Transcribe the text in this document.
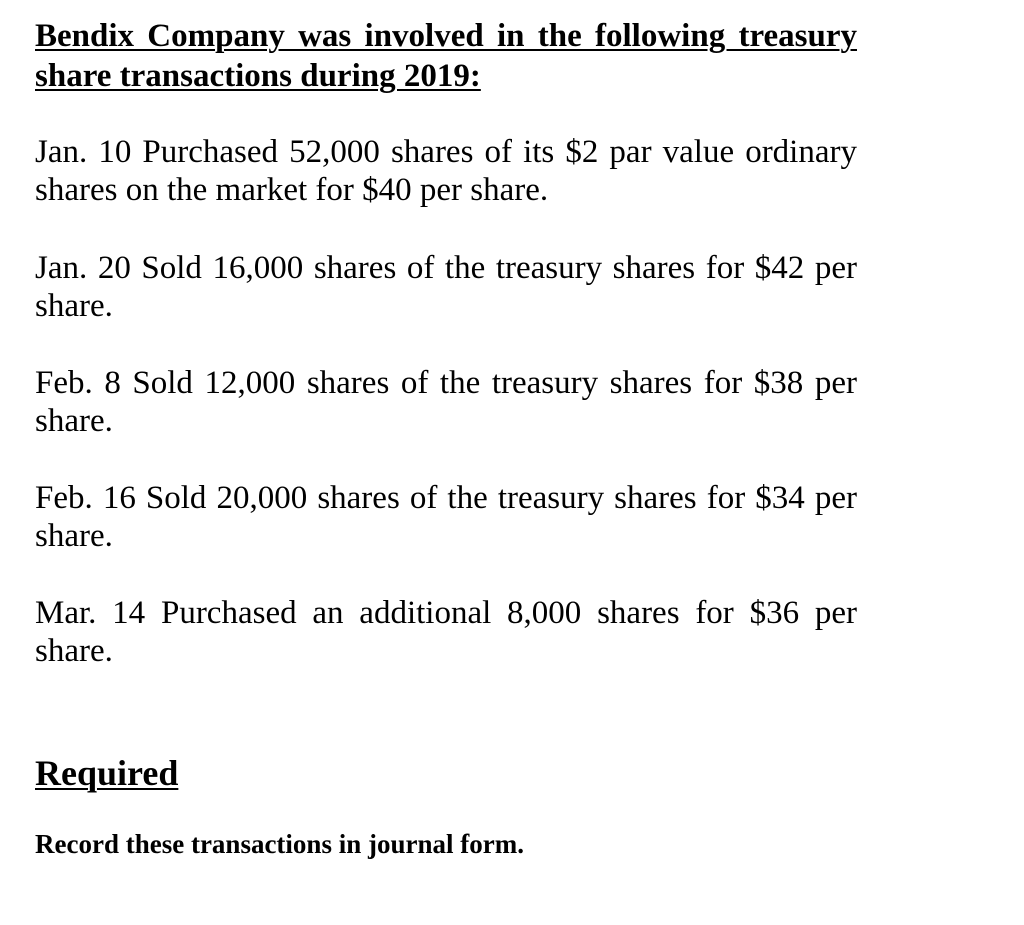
Bendix Company was involved in the following treasury share transactions during 2019:

Jan. 10 Purchased 52,000 shares of its $2 par value ordinary shares on the market for $40 per share.

Jan. 20 Sold 16,000 shares of the treasury shares for $42 per share.

Feb. 8 Sold 12,000 shares of the treasury shares for $38 per share.

Feb. 16 Sold 20,000 shares of the treasury shares for $34 per share.

Mar. 14 Purchased an additional 8,000 shares for $36 per share.

Required

Record these transactions in journal form.
